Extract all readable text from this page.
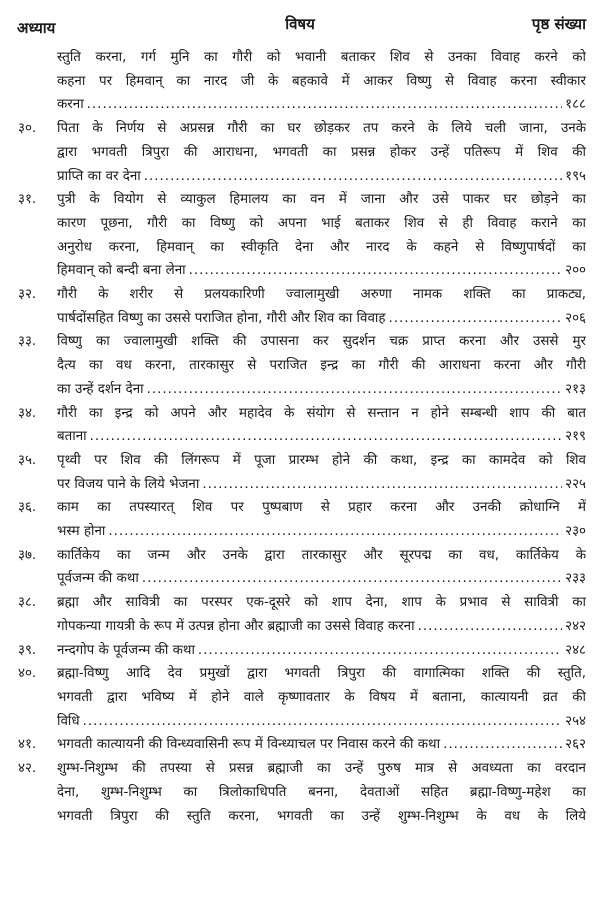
अध्याय	विषय	पृष्ठ संख्या
स्तुति करना, गर्ग मुनि का गौरी को भवानी बताकर शिव से उनका विवाह करने को
कहना पर हिमवान् का नारद जी के बहकावे में आकर विष्णु से विवाह करना स्वीकार
करना .....	१८८
३०. पिता के निर्णय से अप्रसन्न गौरी का घर छोड़कर तप करने के लिये चली जाना, उनके
द्वारा भगवती त्रिपुरा की आराधना, भगवती का प्रसन्न होकर उन्हें पतिरूप में शिव की
प्राप्ति का वर देना .....	१९५
३१. पुत्री के वियोग से व्याकुल हिमालय का वन में जाना और उसे पाकर घर छोड़ने का
कारण पूछना, गौरी का विष्णु को अपना भाई बताकर शिव से ही विवाह कराने का
अनुरोध करना, हिमवान् का स्वीकृति देना और नारद के कहने से विष्णुपार्षदों का
हिमवान् को बन्दी बना लेना .....	२००
३२. गौरी के शरीर से प्रलयकारिणी ज्वालामुखी अरुणा नामक शक्ति का प्राकट्य,
पार्षदोंसहित विष्णु का उससे पराजित होना, गौरी और शिव का विवाह .....	२०६
३३. विष्णु का ज्वालामुखी शक्ति की उपासना कर सुदर्शन चक्र प्राप्त करना और उससे मुर
दैत्य का वध करना, तारकासुर से पराजित इन्द्र का गौरी की आराधना करना और गौरी
का उन्हें दर्शन देना .....	२१३
३४. गौरी का इन्द्र को अपने और महादेव के संयोग से सन्तान न होने सम्बन्धी शाप की बात
बताना .....	२१९
३५. पृथ्वी पर शिव की लिंगरूप में पूजा प्रारम्भ होने की कथा, इन्द्र का कामदेव को शिव
पर विजय पाने के लिये भेजना .....	२२५
३६. काम का तपस्यारत् शिव पर पुष्पबाण से प्रहार करना और उनकी क्रोधाग्नि में
भस्म होना .....	२३०
३७. कार्तिकेय का जन्म और उनके द्वारा तारकासुर और सूरपद्म का वध, कार्तिकेय के
पूर्वजन्म की कथा .....	२३३
३८. ब्रह्मा और सावित्री का परस्पर एक-दूसरे को शाप देना, शाप के प्रभाव से सावित्री का
गोपकन्या गायत्री के रूप में उत्पन्न होना और ब्रह्माजी का उससे विवाह करना .....	२४२
३९. नन्दगोप के पूर्वजन्म की कथा .....	२४८
४०. ब्रह्मा-विष्णु आदि देव प्रमुखों द्वारा भगवती त्रिपुरा की वागात्मिका शक्ति की स्तुति,
भगवती द्वारा भविष्य में होने वाले कृष्णावतार के विषय में बताना, कात्यायनी व्रत की
विधि .....	२५४
४१. भगवती कात्यायनी की विन्ध्यवासिनी रूप में विन्ध्याचल पर निवास करने की कथा .....	२६२
४२. शुम्भ-निशुम्भ की तपस्या से प्रसन्न ब्रह्माजी का उन्हें पुरुष मात्र से अवध्यता का वरदान
देना, शुम्भ-निशुम्भ का त्रिलोकाधिपति बनना, देवताओं सहित ब्रह्मा-विष्णु-महेश का
भगवती त्रिपुरा की स्तुति करना, भगवती का उन्हें शुम्भ-निशुम्भ के वध के लिये
